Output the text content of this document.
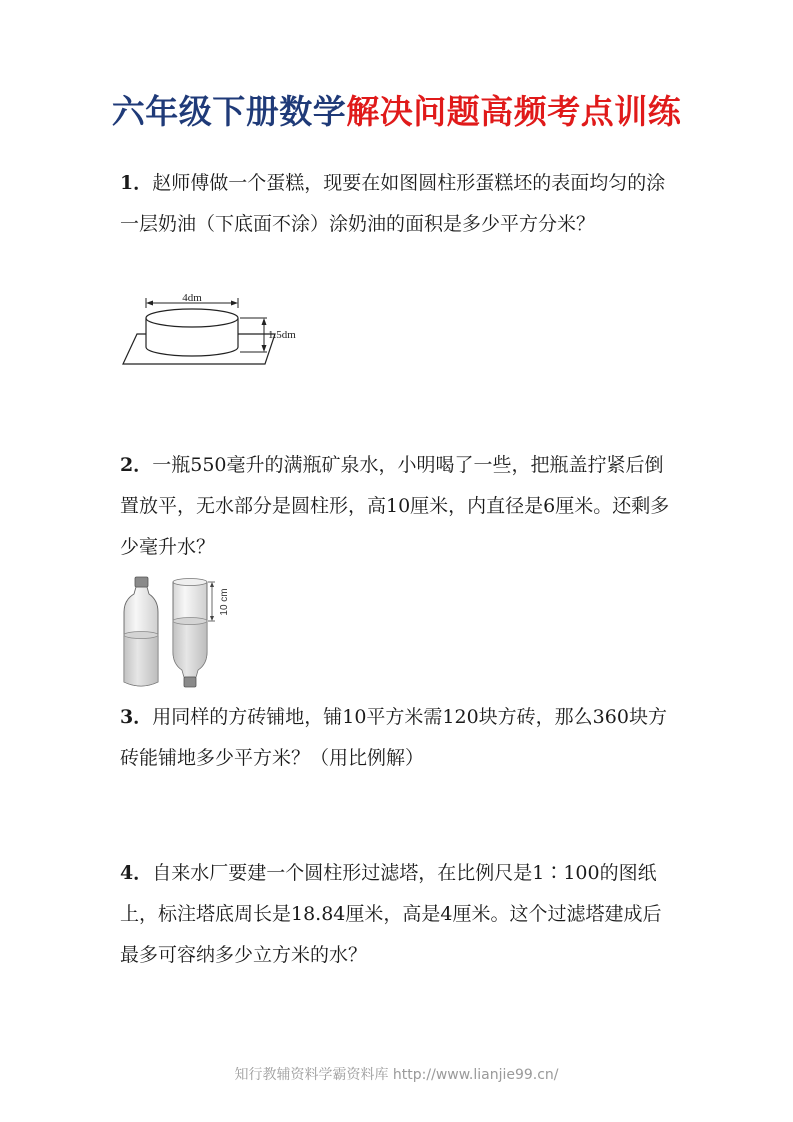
六年级下册数学解决问题高频考点训练
1．赵师傅做一个蛋糕，现要在如图圆柱形蛋糕坯的表面均匀的涂一层奶油（下底面不涂）涂奶油的面积是多少平方分米？
4dm
1.5dm
2．一瓶550毫升的满瓶矿泉水，小明喝了一些，把瓶盖拧紧后倒置放平，无水部分是圆柱形，高10厘米，内直径是6厘米。还剩多少毫升水？
10 cm
3．用同样的方砖铺地，铺10平方米需120块方砖，那么360块方砖能铺地多少平方米？（用比例解）
4．自来水厂要建一个圆柱形过滤塔，在比例尺是1∶100的图纸上，标注塔底周长是18.84厘米，高是4厘米。这个过滤塔建成后最多可容纳多少立方米的水？
知行教辅资料学霸资料库 http://www.lianjie99.cn/
